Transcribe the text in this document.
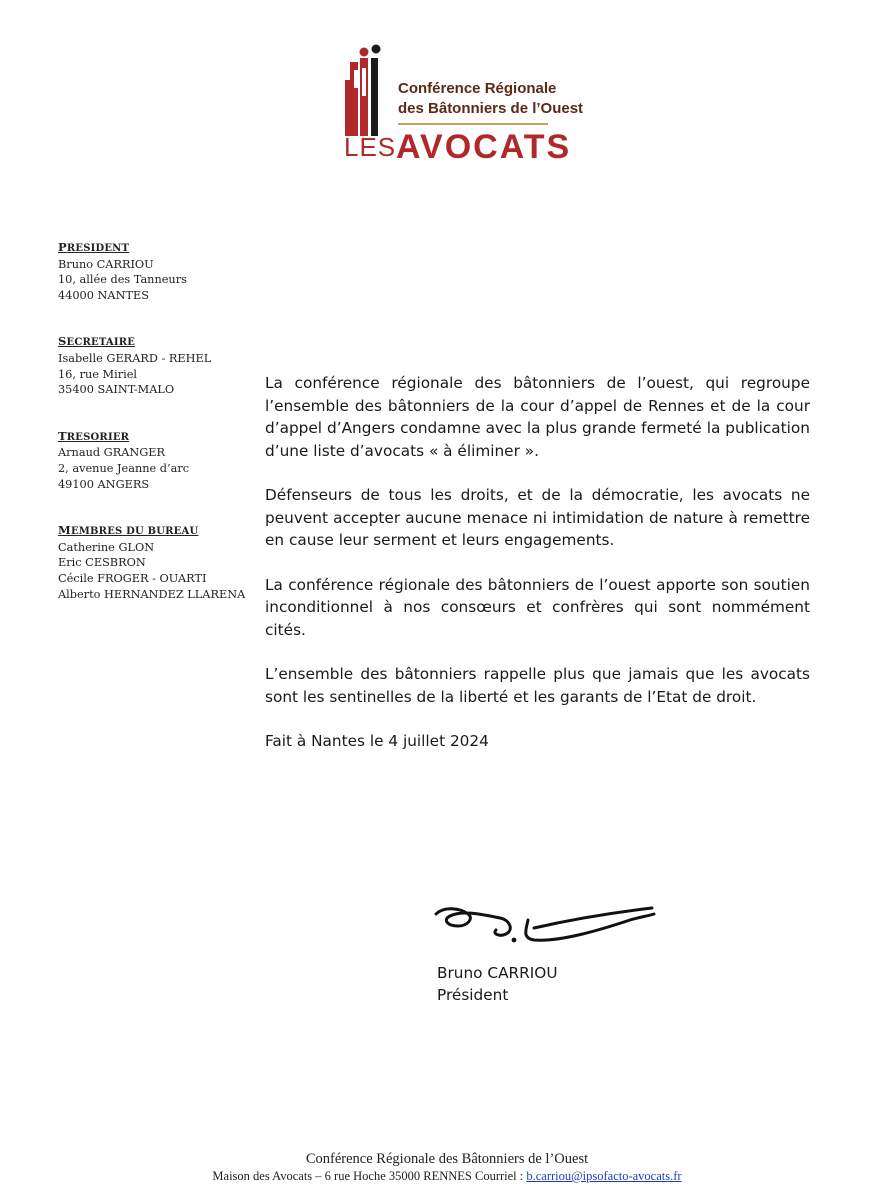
Conférence Régionale
des Bâtonniers de l’Ouest
LES AVOCATS
PRESIDENT
Bruno CARRIOU
10, allée des Tanneurs
44000 NANTES
SECRETAIRE
Isabelle GERARD - REHEL
16, rue Miriel
35400 SAINT-MALO
TRESORIER
Arnaud GRANGER
2, avenue Jeanne d’arc
49100 ANGERS
MEMBRES DU BUREAU
Catherine GLON
Eric CESBRON
Cécile FROGER - OUARTI
Alberto HERNANDEZ LLARENA

La conférence régionale des bâtonniers de l’ouest, qui regroupe l’ensemble des bâtonniers de la cour d’appel de Rennes et de la cour d’appel d’Angers condamne avec la plus grande fermeté la publication d’une liste d’avocats « à éliminer ».

Défenseurs de tous les droits, et de la démocratie, les avocats ne peuvent accepter aucune menace ni intimidation de nature à remettre en cause leur serment et leurs engagements.

La conférence régionale des bâtonniers de l’ouest apporte son soutien inconditionnel à nos consœurs et confrères qui sont nommément cités.

L’ensemble des bâtonniers rappelle plus que jamais que les avocats sont les sentinelles de la liberté et les garants de l’Etat de droit.

Fait à Nantes le 4 juillet 2024

Bruno CARRIOU
Président
Conférence Régionale des Bâtonniers de l’Ouest
Maison des Avocats – 6 rue Hoche 35000 RENNES Courriel : b.carriou@ipsofacto-avocats.fr
